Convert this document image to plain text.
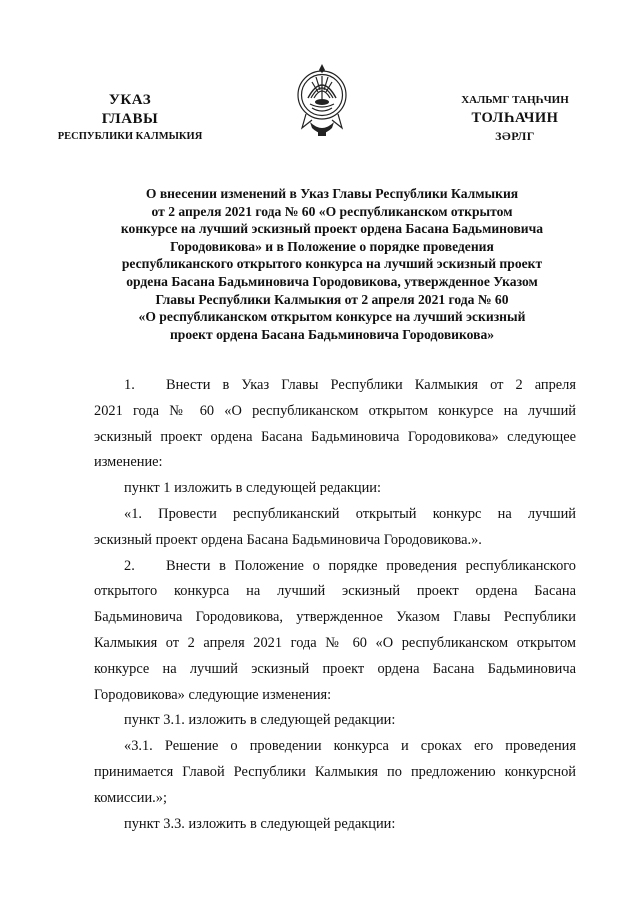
УКАЗ
ГЛАВЫ
РЕСПУБЛИКИ КАЛМЫКИЯ
ХАЛЬМГ ТАҢҺЧИН
ТОЛҺАЧИН
ЗӘРЛГ
О внесении изменений в Указ Главы Республики Калмыкия
от 2 апреля 2021 года № 60 «О республиканском открытом
конкурсе на лучший эскизный проект ордена Басана Бадьминовича
Городовикова» и в Положение о порядке проведения
республиканского открытого конкурса на лучший эскизный проект
ордена Басана Бадьминовича Городовикова, утвержденное Указом
Главы Республики Калмыкия от 2 апреля 2021 года № 60
«О республиканском открытом конкурсе на лучший эскизный
проект ордена Басана Бадьминовича Городовикова»
1. Внести в Указ Главы Республики Калмыкия от 2 апреля
2021 года № 60 «О республиканском открытом конкурсе на лучший
эскизный проект ордена Басана Бадьминовича Городовикова» следующее
изменение:
пункт 1 изложить в следующей редакции:
«1. Провести республиканский открытый конкурс на лучший
эскизный проект ордена Басана Бадьминовича Городовикова.».
2. Внести в Положение о порядке проведения республиканского
открытого конкурса на лучший эскизный проект ордена Басана
Бадьминовича Городовикова, утвержденное Указом Главы Республики
Калмыкия от 2 апреля 2021 года № 60 «О республиканском открытом
конкурсе на лучший эскизный проект ордена Басана Бадьминовича
Городовикова» следующие изменения:
пункт 3.1. изложить в следующей редакции:
«3.1. Решение о проведении конкурса и сроках его проведения
принимается Главой Республики Калмыкия по предложению конкурсной
комиссии.»;
пункт 3.3. изложить в следующей редакции:
